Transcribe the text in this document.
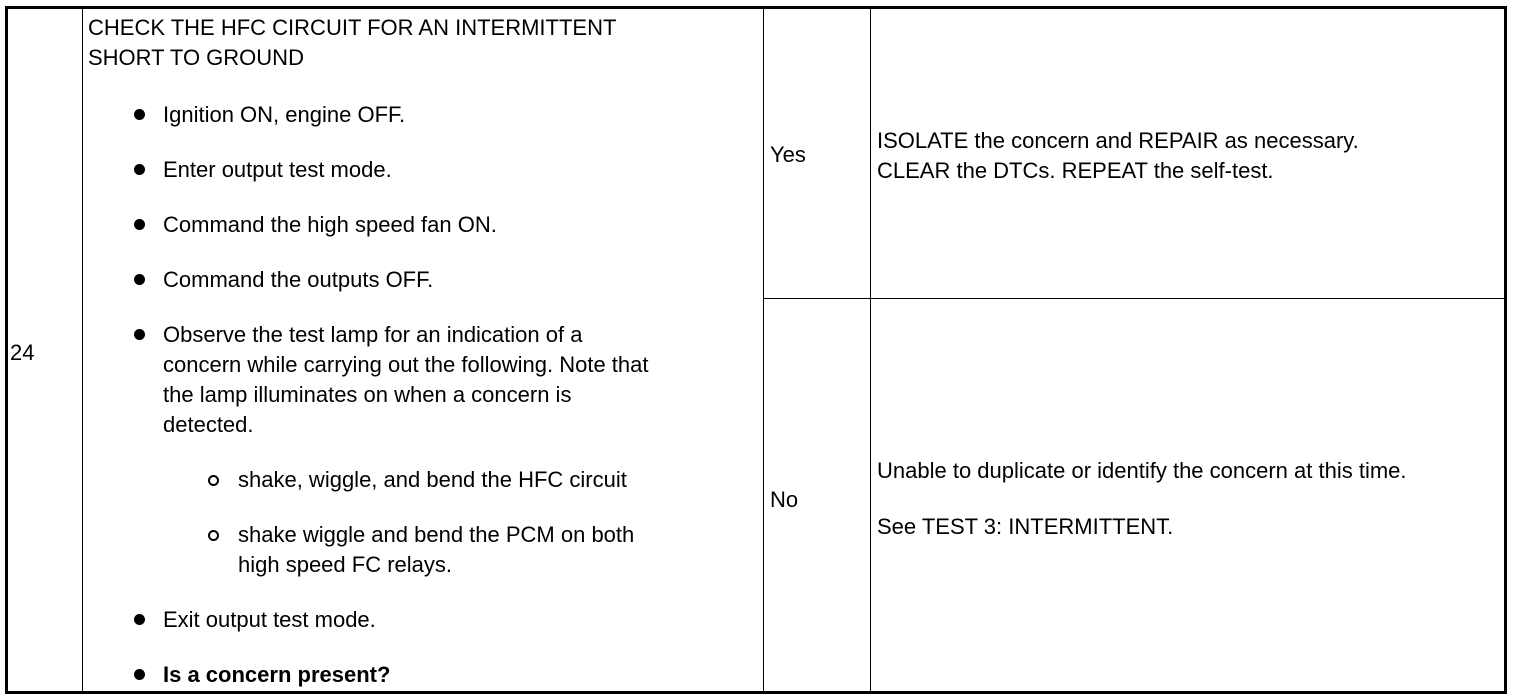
24
CHECK THE HFC CIRCUIT FOR AN INTERMITTENT
SHORT TO GROUND
Ignition ON, engine OFF.
Enter output test mode.
Command the high speed fan ON.
Command the outputs OFF.
Observe the test lamp for an indication of a
concern while carrying out the following. Note that
the lamp illuminates on when a concern is
detected.
shake, wiggle, and bend the HFC circuit
shake wiggle and bend the PCM on both
high speed FC relays.
Exit output test mode.
Is a concern present?
Yes
No
ISOLATE the concern and REPAIR as necessary.
CLEAR the DTCs. REPEAT the self-test.
Unable to duplicate or identify the concern at this time.
See TEST 3: INTERMITTENT.
